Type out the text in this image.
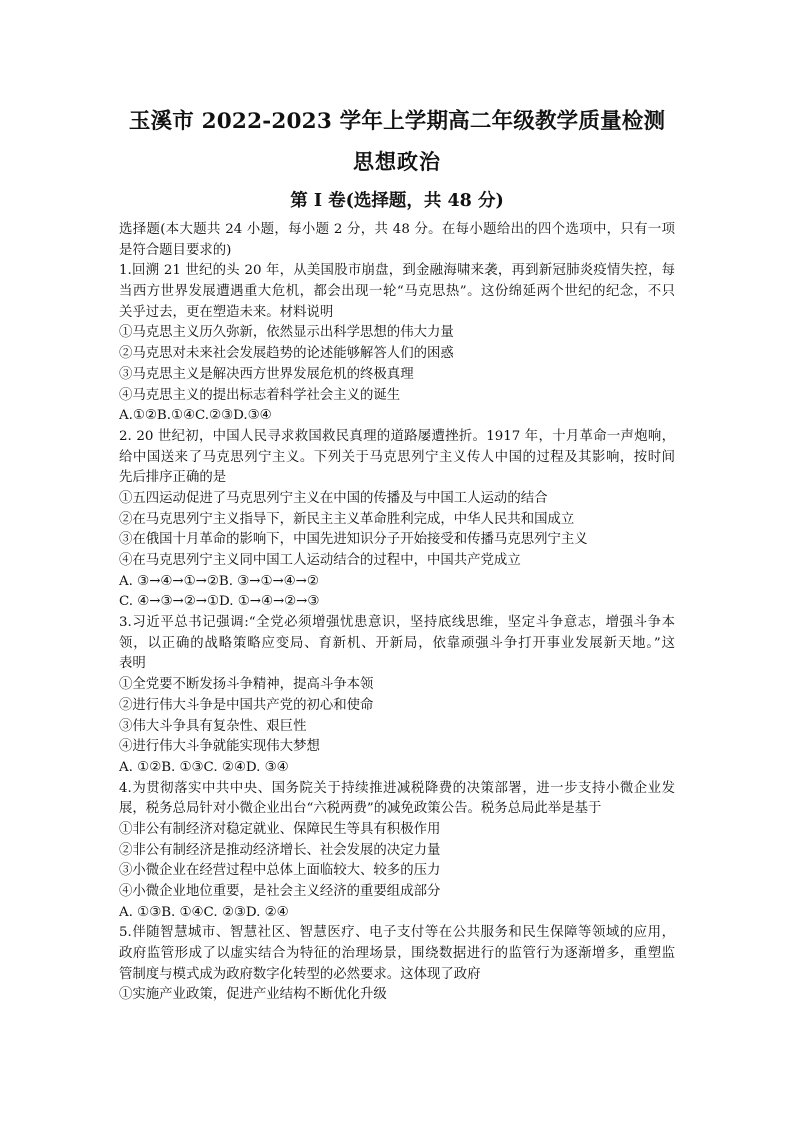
玉溪市 2022-2023 学年上学期高二年级教学质量检测
思想政治
第 I 卷(选择题，共 48 分)
选择题(本大题共 24 小题，每小题 2 分，共 48 分。在每小题给出的四个选项中，只有一项
是符合题目要求的)
1.回溯 21 世纪的头 20 年，从美国股市崩盘，到金融海啸来袭，再到新冠肺炎疫情失控，每
当西方世界发展遭遇重大危机，都会出现一轮“马克思热”。这份绵延两个世纪的纪念，不只
关乎过去，更在塑造未来。材料说明
①马克思主义历久弥新，依然显示出科学思想的伟大力量
②马克思对未来社会发展趋势的论述能够解答人们的困惑
③马克思主义是解决西方世界发展危机的终极真理
④马克思主义的提出标志着科学社会主义的诞生
A.①②B.①④C.②③D.③④
2. 20 世纪初，中国人民寻求救国救民真理的道路屡遭挫折。1917 年，十月革命一声炮响，
给中国送来了马克思列宁主义。下列关于马克思列宁主义传人中国的过程及其影响，按时间
先后排序正确的是
①五四运动促进了马克思列宁主义在中国的传播及与中国工人运动的结合
②在马克思列宁主义指导下，新民主主义革命胜利完成，中华人民共和国成立
③在俄国十月革命的影响下，中国先进知识分子开始接受和传播马克思列宁主义
④在马克思列宁主义同中国工人运动结合的过程中，中国共产党成立
A. ③→④→①→②B. ③→①→④→②
C. ④→③→②→①D. ①→④→②→③
3.习近平总书记强调:“全党必须增强忧患意识，坚持底线思维，坚定斗争意志，增强斗争本
领，以正确的战略策略应变局、育新机、开新局，依靠顽强斗争打开事业发展新天地。”这
表明
①全党要不断发扬斗争精神，提高斗争本领
②进行伟大斗争是中国共产党的初心和使命
③伟大斗争具有复杂性、艰巨性
④进行伟大斗争就能实现伟大梦想
A. ①②B. ①③C. ②④D. ③④
4.为贯彻落实中共中央、国务院关于持续推进减税降费的决策部署，进一步支持小微企业发
展，税务总局针对小微企业出台“六税两费”的减免政策公告。税务总局此举是基于
①非公有制经济对稳定就业、保障民生等具有积极作用
②非公有制经济是推动经济增长、社会发展的决定力量
③小微企业在经营过程中总体上面临较大、较多的压力
④小微企业地位重要，是社会主义经济的重要组成部分
A. ①③B. ①④C. ②③D. ②④
5.伴随智慧城市、智慧社区、智慧医疗、电子支付等在公共服务和民生保障等领域的应用，
政府监管形成了以虚实结合为特征的治理场景，围绕数据进行的监管行为逐渐增多，重塑监
管制度与模式成为政府数字化转型的必然要求。这体现了政府
①实施产业政策，促进产业结构不断优化升级
